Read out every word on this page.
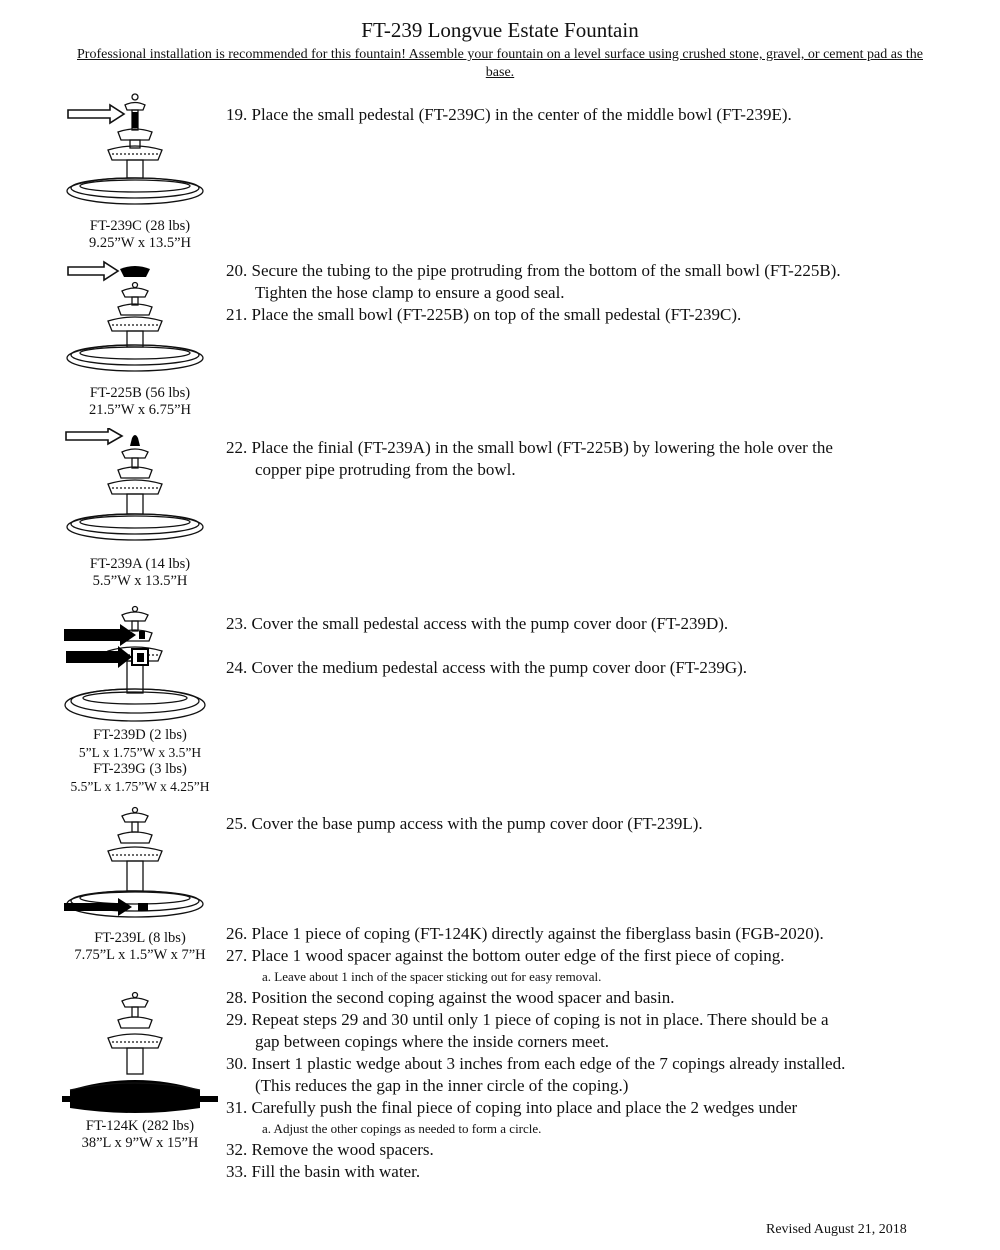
FT-239 Longvue Estate Fountain
Professional installation is recommended for this fountain! Assemble your fountain on a level surface using crushed stone, gravel, or cement pad as the base.
FT-239C (28 lbs)
9.25”W x 13.5”H
FT-225B (56 lbs)
21.5”W x 6.75”H
FT-239A (14 lbs)
5.5”W x 13.5”H
FT-239D (2 lbs)
5”L x 1.75”W x 3.5”H
FT-239G (3 lbs)
5.5”L x 1.75”W x 4.25”H
FT-239L (8 lbs)
7.75”L x 1.5”W x 7”H
FT-124K (282 lbs)
38”L x 9”W x 15”H
19. Place the small pedestal (FT-239C) in the center of the middle bowl (FT-239E).
20. Secure the tubing to the pipe protruding from the bottom of the small bowl (FT-225B).
Tighten the hose clamp to ensure a good seal.
21. Place the small bowl (FT-225B) on top of the small pedestal (FT-239C).
22. Place the finial (FT-239A) in the small bowl (FT-225B) by lowering the hole over the
copper pipe protruding from the bowl.
23. Cover the small pedestal access with the pump cover door (FT-239D).
24. Cover the medium pedestal access with the pump cover door (FT-239G).
25. Cover the base pump access with the pump cover door (FT-239L).
26. Place 1 piece of coping (FT-124K) directly against the fiberglass basin (FGB-2020).
27. Place 1 wood spacer against the bottom outer edge of the first piece of coping.
a. Leave about 1 inch of the spacer sticking out for easy removal.
28. Position the second coping against the wood spacer and basin.
29. Repeat steps 29 and 30 until only 1 piece of coping is not in place. There should be a
gap between copings where the inside corners meet.
30. Insert 1 plastic wedge about 3 inches from each edge of the 7 copings already installed.
(This reduces the gap in the inner circle of the coping.)
31. Carefully push the final piece of coping into place and place the 2 wedges under
a. Adjust the other copings as needed to form a circle.
32. Remove the wood spacers.
33. Fill the basin with water.
Revised August 21, 2018
